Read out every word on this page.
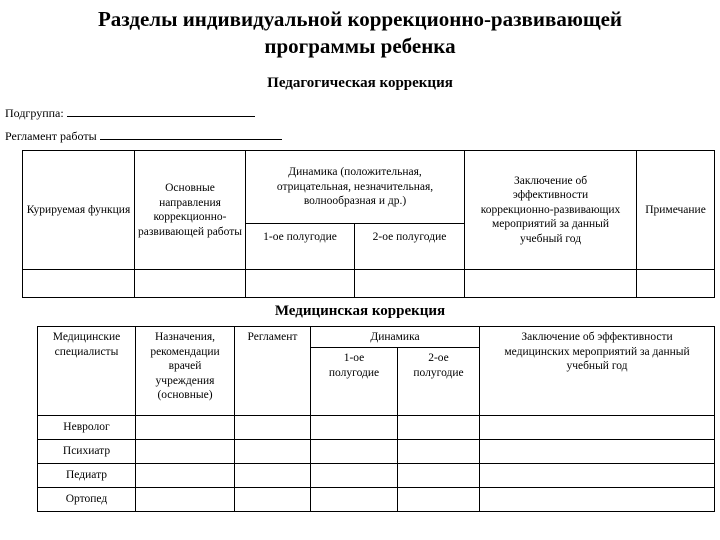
Разделы индивидуальной коррекционно-развивающей
программы ребенка
Педагогическая коррекция
Подгруппа:
Регламент работы
Курируемая функция	Основные направления коррекционно-развивающей работы	Динамика (положительная, отрицательная, незначительная, волнообразная и др.)		Заключение об эффективности коррекционно-развивающих мероприятий за данный учебный год	Примечание
		1-ое полугодие	2-ое полугодие		

Медицинская коррекция
Медицинские специалисты	Назначения, рекомендации врачей учреждения (основные)	Регламент	Динамика		Заключение об эффективности медицинских мероприятий за данный учебный год
			1-ое полугодие	2-ое полугодие	
Невролог					
Психиатр					
Педиатр					
Ортопед					
